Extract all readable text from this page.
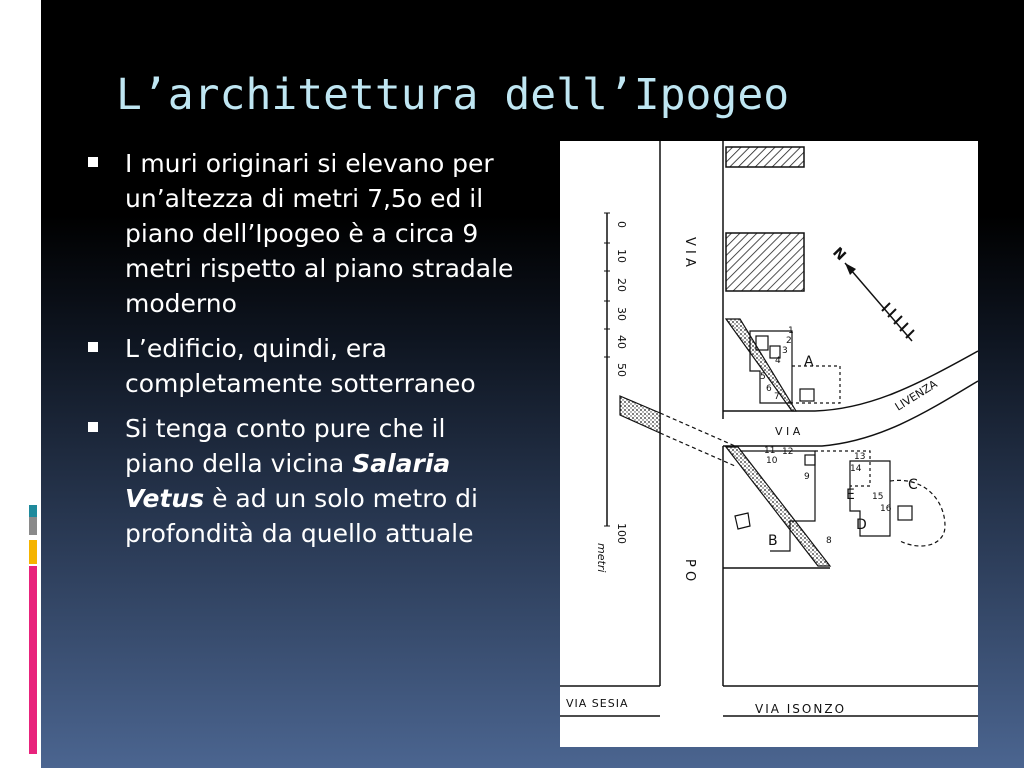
L’architettura dell’Ipogeo
I muri originari si elevano per un’altezza di metri 7,5o ed il piano dell’Ipogeo è a circa 9 metri rispetto al piano stradale moderno
L’edificio, quindi, era completamente sotterraneo
Si tenga conto pure che il piano della vicina Salaria Vetus è ad un solo metro di profondità da quello attuale
0
10
20
30
40
50
100
metri
V I A
P O
N
V I A
LIVENZA
A
B
C
D
E
1
2
3
4
5
6
7
8
9
10
11 12	13
14
15
16
VIA SESIA	VIA ISONZO
